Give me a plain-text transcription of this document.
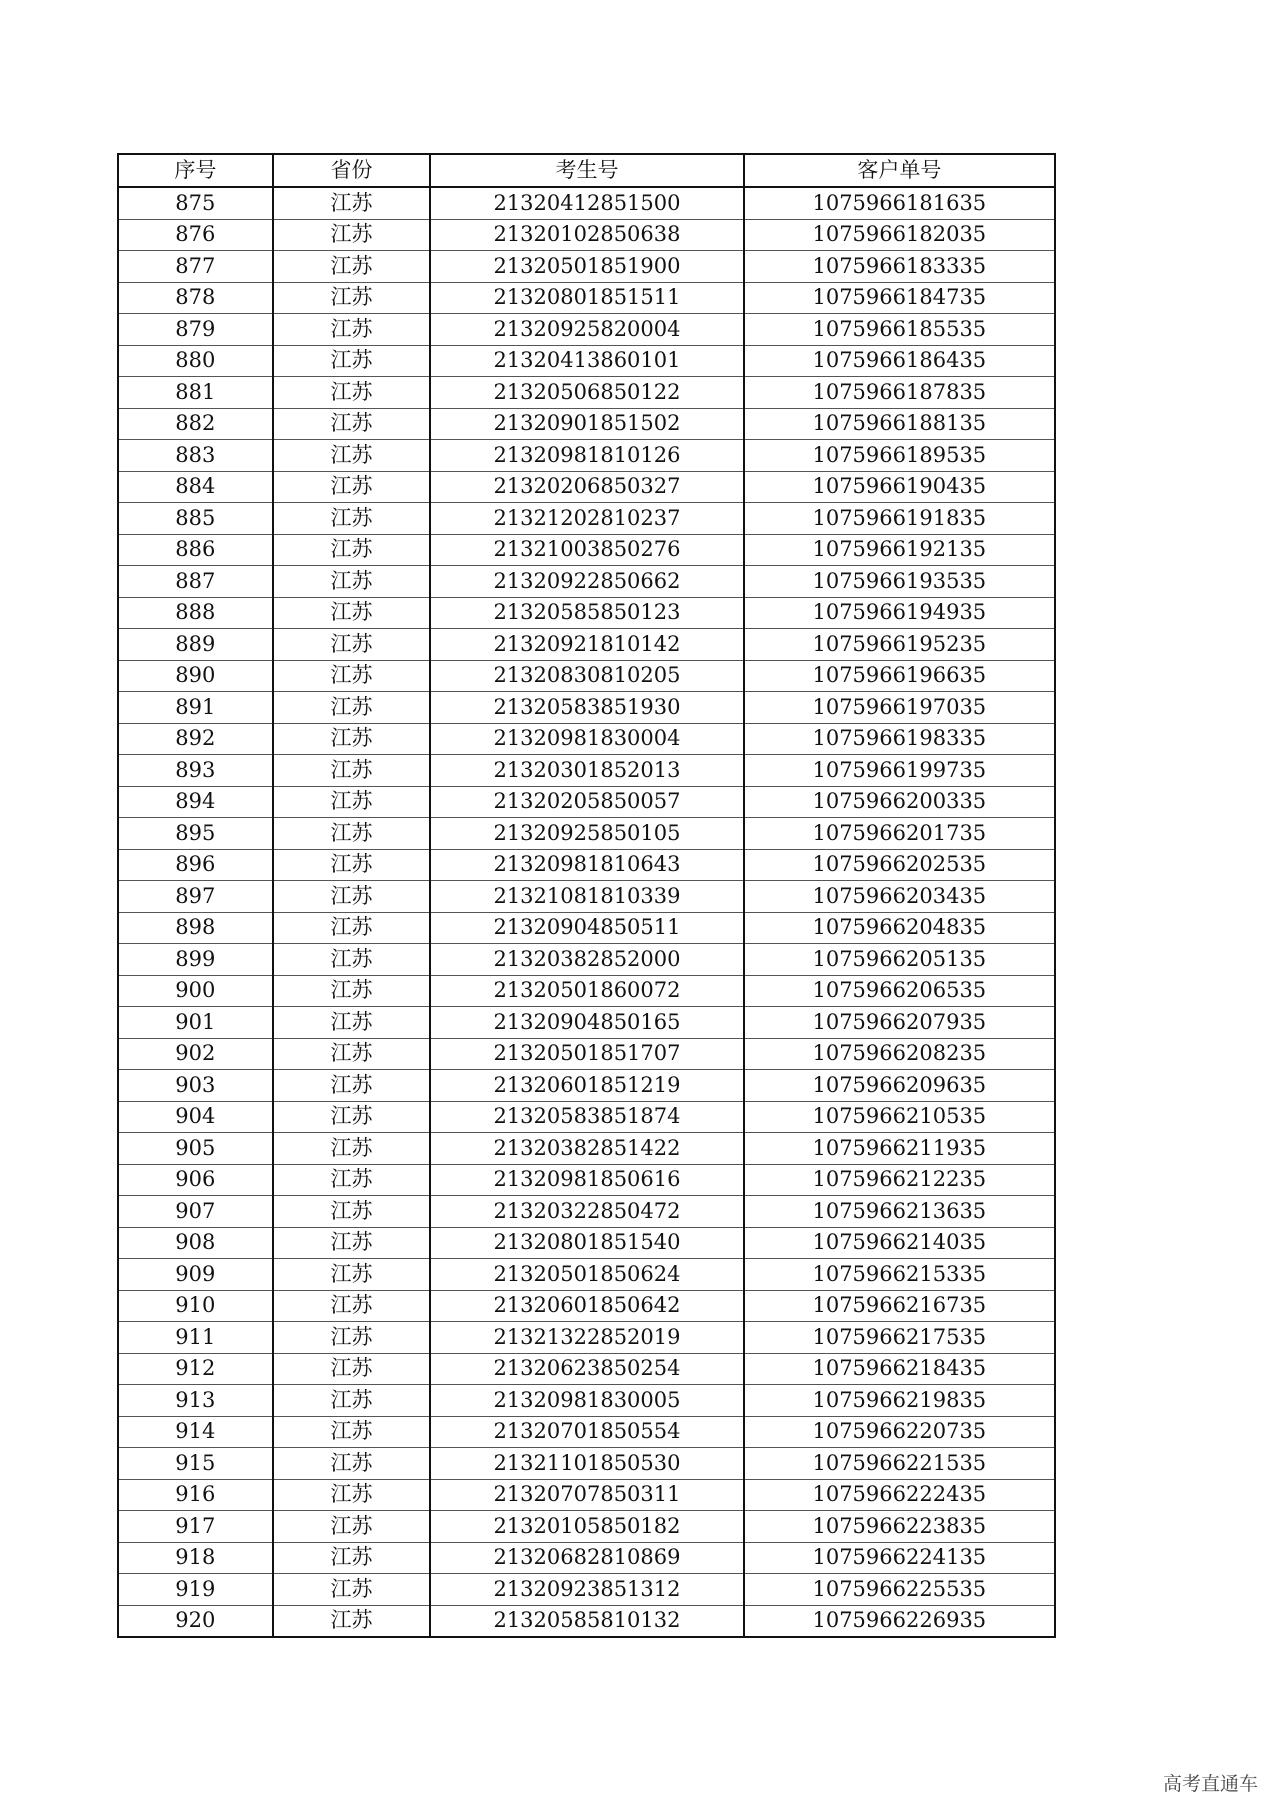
序号	省份	考生号	客户单号
875	江苏	21320412851500	1075966181635
876	江苏	21320102850638	1075966182035
877	江苏	21320501851900	1075966183335
878	江苏	21320801851511	1075966184735
879	江苏	21320925820004	1075966185535
880	江苏	21320413860101	1075966186435
881	江苏	21320506850122	1075966187835
882	江苏	21320901851502	1075966188135
883	江苏	21320981810126	1075966189535
884	江苏	21320206850327	1075966190435
885	江苏	21321202810237	1075966191835
886	江苏	21321003850276	1075966192135
887	江苏	21320922850662	1075966193535
888	江苏	21320585850123	1075966194935
889	江苏	21320921810142	1075966195235
890	江苏	21320830810205	1075966196635
891	江苏	21320583851930	1075966197035
892	江苏	21320981830004	1075966198335
893	江苏	21320301852013	1075966199735
894	江苏	21320205850057	1075966200335
895	江苏	21320925850105	1075966201735
896	江苏	21320981810643	1075966202535
897	江苏	21321081810339	1075966203435
898	江苏	21320904850511	1075966204835
899	江苏	21320382852000	1075966205135
900	江苏	21320501860072	1075966206535
901	江苏	21320904850165	1075966207935
902	江苏	21320501851707	1075966208235
903	江苏	21320601851219	1075966209635
904	江苏	21320583851874	1075966210535
905	江苏	21320382851422	1075966211935
906	江苏	21320981850616	1075966212235
907	江苏	21320322850472	1075966213635
908	江苏	21320801851540	1075966214035
909	江苏	21320501850624	1075966215335
910	江苏	21320601850642	1075966216735
911	江苏	21321322852019	1075966217535
912	江苏	21320623850254	1075966218435
913	江苏	21320981830005	1075966219835
914	江苏	21320701850554	1075966220735
915	江苏	21321101850530	1075966221535
916	江苏	21320707850311	1075966222435
917	江苏	21320105850182	1075966223835
918	江苏	21320682810869	1075966224135
919	江苏	21320923851312	1075966225535
920	江苏	21320585810132	1075966226935
高考直通车
